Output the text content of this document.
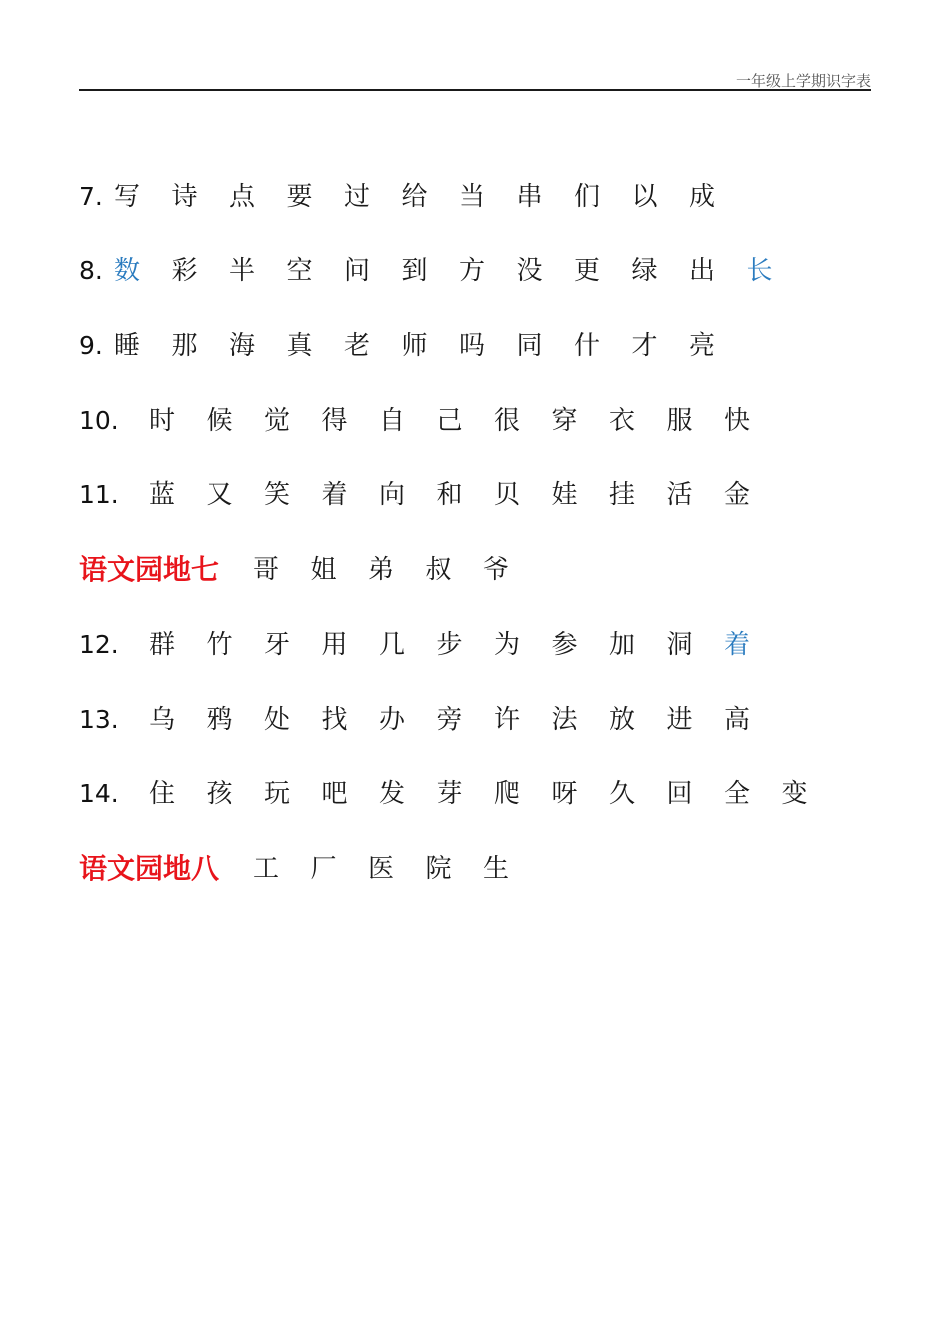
一年级上学期识字表
7. 写 诗 点 要 过 给 当 串 们 以 成
8. 数 彩 半 空 问 到 方 没 更 绿 出 长
9. 睡 那 海 真 老 师 吗 同 什 才 亮
10. 时 候 觉 得 自 己 很 穿 衣 服 快
11. 蓝 又 笑 着 向 和 贝 娃 挂 活 金
语文园地七 哥 姐 弟 叔 爷
12. 群 竹 牙 用 几 步 为 参 加 洞 着
13. 乌 鸦 处 找 办 旁 许 法 放 进 高
14. 住 孩 玩 吧 发 芽 爬 呀 久 回 全 变
语文园地八 工 厂 医 院 生
